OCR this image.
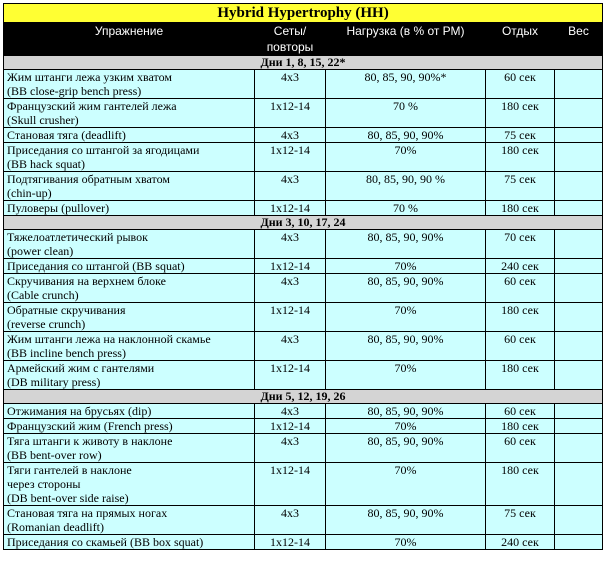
Hybrid Hypertrophy (HH)				
Упражнение	Сеты/ повторы	Нагрузка (в % от РМ)	Отдых	Вес
Дни 1, 8, 15, 22*				

Жим штанги лежа узким хватом
(BB close-grip bench press)	4x3	80, 85, 90, 90%*	60 сек	

Французский жим гантелей лежа
(Skull crusher)	1x12-14	70 %	180 сек	

Становая тяга (deadlift)	4x3	80, 85, 90, 90%	75 сек	

Приседания со штангой за ягодицами
(BB hack squat)	1x12-14	70%	180 сек	

Подтягивания обратным хватом
(chin-up)	4x3	80, 85, 90, 90 %	75 сек	

Пуловеры (pullover)	1x12-14	70 %	180 сек	
Дни 3, 10, 17, 24				

Тяжелоатлетический рывок
(power clean)	4x3	80, 85, 90, 90%	70 сек	

Приседания со штангой (BB squat)	1x12-14	70%	240 сек	

Скручивания на верхнем блоке
(Cable crunch)	4x3	80, 85, 90, 90%	60 сек	

Обратные скручивания
(reverse crunch)	1x12-14	70%	180 сек	

Жим штанги лежа на наклонной скамье
(BB incline bench press)	4x3	80, 85, 90, 90%	60 сек	

Армейский жим с гантелями
(DB military press)	1x12-14	70%	180 сек	
Дни 5, 12, 19, 26				

Отжимания на брусьях (dip)	4x3	80, 85, 90, 90%	60 сек	

Французский жим (French press)	1x12-14	70%	180 сек	

Тяга штанги к животу в наклоне
(BB bent-over row)	4x3	80, 85, 90, 90%	60 сек	

Тяги гантелей в наклоне
через стороны
(DB bent-over side raise)	1x12-14	70%	180 сек	

Становая тяга на прямых ногах
(Romanian deadlift)	4x3	80, 85, 90, 90%	75 сек	

Приседания со скамьей (BB box squat)	1x12-14	70%	240 сек	
